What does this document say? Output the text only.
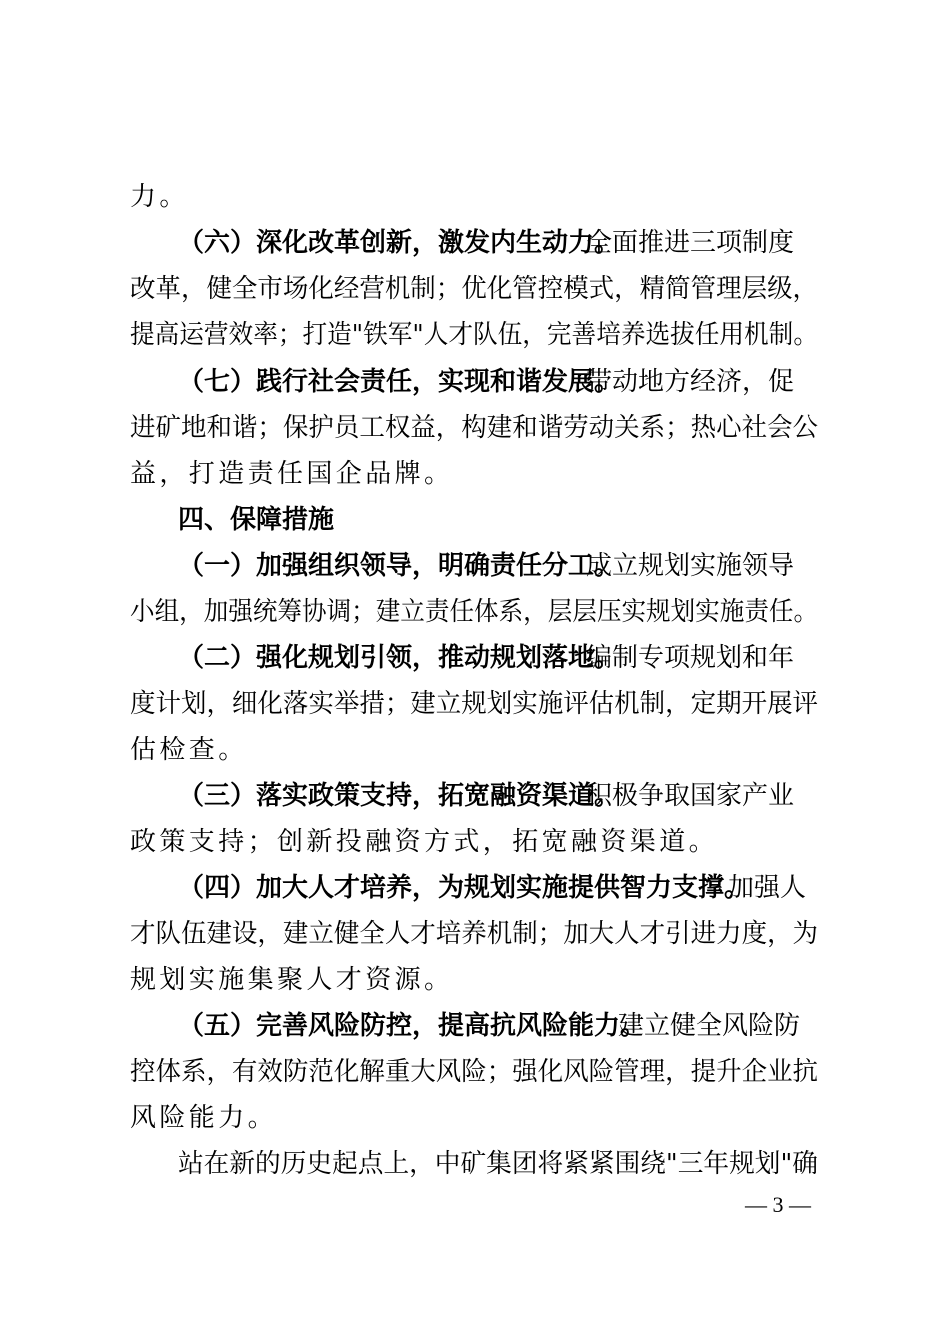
力。
（六）深化改革创新，激发内生动力。
全面推进三项制度
改革，健全市场化经营机制；优化管控模式，精简管理层级，
提高运营效率；打造"铁军"人才队伍，完善培养选拔任用机制。
（七）践行社会责任，实现和谐发展。
带动地方经济，促
进矿地和谐；保护员工权益，构建和谐劳动关系；热心社会公
益，打造责任国企品牌。
四、保障措施
（一）加强组织领导，明确责任分工。
成立规划实施领导
小组，加强统筹协调；建立责任体系，层层压实规划实施责任。
（二）强化规划引领，推动规划落地。
编制专项规划和年
度计划，细化落实举措；建立规划实施评估机制，定期开展评
估检查。
（三）落实政策支持，拓宽融资渠道。
积极争取国家产业
政策支持；创新投融资方式，拓宽融资渠道。
（四）加大人才培养，为规划实施提供智力支撑。
加强人
才队伍建设，建立健全人才培养机制；加大人才引进力度，为
规划实施集聚人才资源。
（五）完善风险防控，提高抗风险能力。
建立健全风险防
控体系，有效防范化解重大风险；强化风险管理，提升企业抗
风险能力。
站在新的历史起点上，中矿集团将紧紧围绕"三年规划"确
— 3 —
